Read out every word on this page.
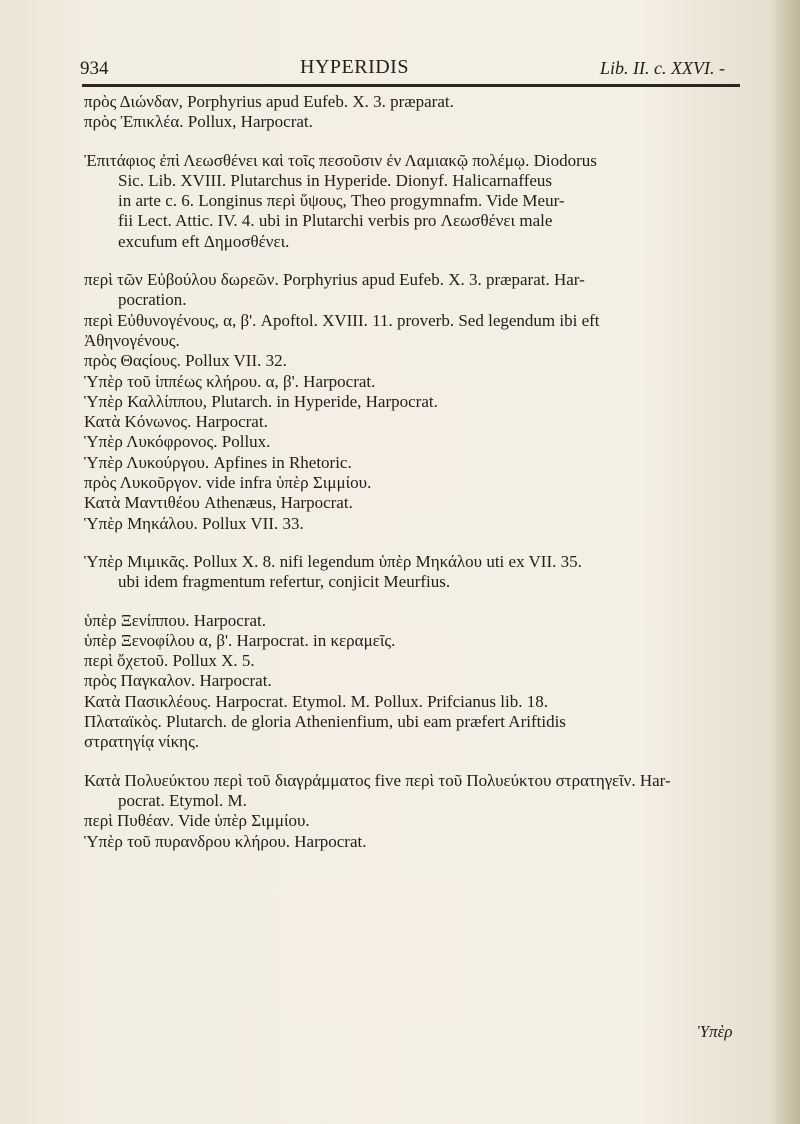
934	HYPERIDIS	Lib. II. c. XXVI. -
πρὸς Διώνδαν, Porphyrius apud Eufeb. X. 3. præparat.
πρὸς Ἐπικλέα. Pollux, Harpocrat.
Ἐπιτάφιος ἐπὶ Λεωσθένει καὶ τοῖς πεσοῦσιν ἐν Λαμιακῷ πολέμῳ. Diodorus
Sic. Lib. XVIII. Plutarchus in Hyperide. Dionyf. Halicarnaffeus
in arte c. 6. Longinus περὶ ὕψους, Theo progymnafm. Vide Meur-
fii Lect. Attic. IV. 4. ubi in Plutarchi verbis pro Λεωσθένει male
excufum eft Δημοσθένει.
περὶ τῶν Εὐβούλου δωρεῶν. Porphyrius apud Eufeb. X. 3. præparat. Har-
pocration.
περὶ Εὐθυνογένους, α, β'. Apoftol. XVIII. 11. proverb. Sed legendum ibi eft
Ἀθηνογένους.
πρὸς Θαςίους. Pollux VII. 32.
Ὑπὲρ τοῦ ἱππέως κλήρου. α, β'. Harpocrat.
Ὑπὲρ Καλλίππου, Plutarch. in Hyperide, Harpocrat.
Κατὰ Κόνωνος. Harpocrat.
Ὑπὲρ Λυκόφρονος. Pollux.
Ὑπὲρ Λυκούργου. Apfines in Rhetoric.
πρὸς Λυκοῦργον. vide infra ὑπὲρ Σιμμίου.
Κατὰ Μαντιθέου Athenæus, Harpocrat.
Ὑπὲρ Μηκάλου. Pollux VII. 33.
Ὑπὲρ Μιμικᾶς. Pollux X. 8. nifi legendum ὑπὲρ Μηκάλου uti ex VII. 35.
ubi idem fragmentum refertur, conjicit Meurfius.
ὑπὲρ Ξενίππου. Harpocrat.
ὑπὲρ Ξενοφίλου α, β'. Harpocrat. in κεραμεῖς.
περὶ ὄχετοῦ. Pollux X. 5.
πρὸς Παγκαλον. Harpocrat.
Κατὰ Πασικλέους. Harpocrat. Etymol. M. Pollux. Prifcianus lib. 18.
Πλαταϊκὸς. Plutarch. de gloria Athenienfium, ubi eam præfert Ariftidis
στρατηγίᾳ νίκης.
Κατὰ Πολυεύκτου περὶ τοῦ διαγράμματος five περὶ τοῦ Πολυεύκτου στρατηγεῖν. Har-
pocrat. Etymol. M.
περὶ Πυθέαν. Vide ὑπὲρ Σιμμίου.
Ὑπὲρ τοῦ πυρανδρου κλήρου. Harpocrat.
Ὑπὲρ
